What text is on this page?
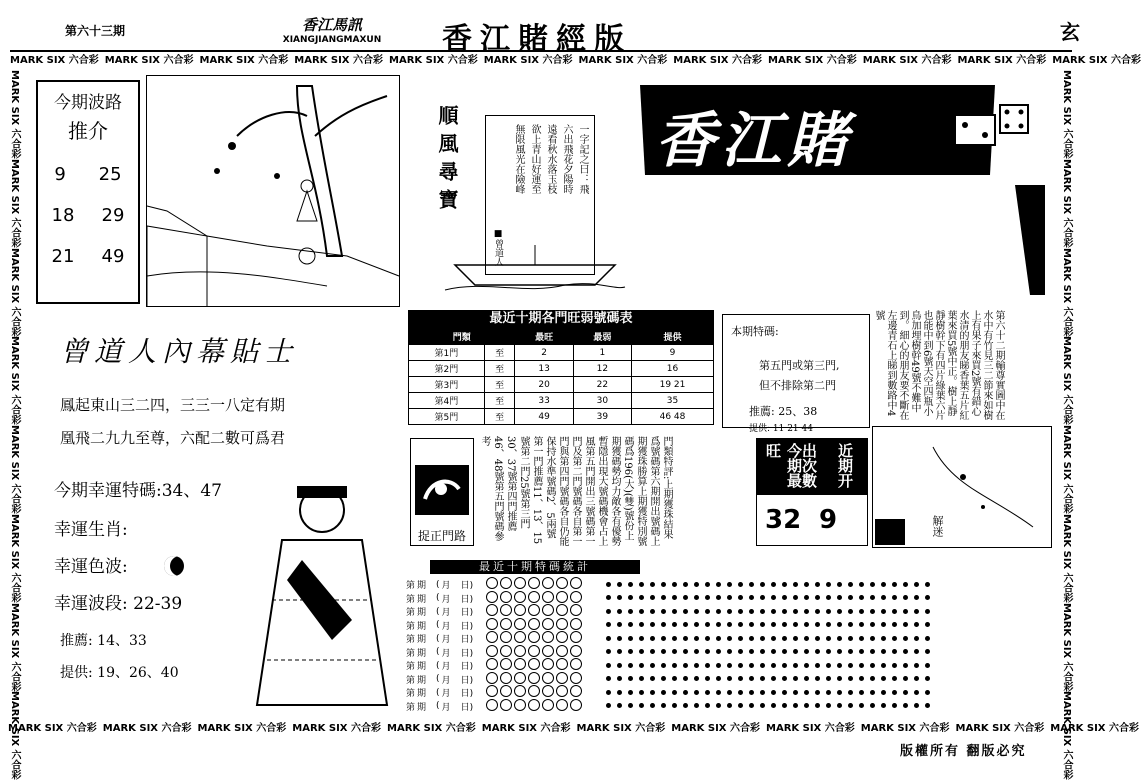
第六十三期	香江馬訊
XIANGJIANGMAXUN	香江賭經版	玄
MARK SIX 六合彩 MARK SIX 六合彩 MARK SIX 六合彩 MARK SIX 六合彩 MARK SIX 六合彩 MARK SIX 六合彩 MARK SIX 六合彩 MARK SIX 六合彩 MARK SIX 六合彩 MARK SIX 六合彩 MARK SIX 六合彩 MARK SIX 六合彩
MARK SIX 六合彩 MARK SIX 六合彩 MARK SIX 六合彩 MARK SIX 六合彩 MARK SIX 六合彩 MARK SIX 六合彩 MARK SIX 六合彩 MARK SIX 六合彩 MARK SIX 六合彩 MARK SIX 六合彩 MARK SIX 六合彩 MARK SIX 六合彩
MARK SIX 六合彩MARK SIX 六合彩MARK SIX 六合彩MARK SIX 六合彩MARK SIX 六合彩MARK SIX 六合彩MARK SIX 六合彩MARK SIX 六合彩
MARK SIX 六合彩MARK SIX 六合彩MARK SIX 六合彩MARK SIX 六合彩MARK SIX 六合彩MARK SIX 六合彩MARK SIX 六合彩MARK SIX 六合彩
今期波路
推介
9 25
18 29
21 49
順風尋寶	一字記之曰：飛
六出飛花夕陽時
遠看秋水落玉枝
欲上青山好運至
無限風光在險峰
■曾道人
香江賭
曾道人內幕貼士
鳳起東山三二四，三三一八定有期
凰飛二九九至尊，六配二數可爲君
今期幸運特碼:34、47
幸運生肖:
幸運色波:
幸運波段: 22-39
推薦: 14、33
提供: 19、26、40
最近十期各門旺弱號碼表
門類		最旺	最弱	提供
第1門	至	2	1	9
第2門	至	13	12	16
第3門	至	20	22	19 21
第4門	至	33	30	35
第5門	至	49	39	46 48
本期特碼:
第五門或第三門,
但不排除第二門
推薦: 25、38
提供: 11 21 44
第六十二期輸尊實圖中在水中有竹見三二節來如樹上有果子來買2號有錯心水清的朋友睇香葉五片紅葉來買5號中正。樹上靜靜樹幹下有四片綠葉六片也能中到6號天空四瓶小鳥加埋樹幹49號不難中到。細心的朋友要不斷在左邊青石上睇到數路中4號
捉正門路	門類特評:上期獲珠結果爲號碼第六期開出號碼上期獲珠勝算上期獲特別號碼爲196(大)(雙)號份上期獲碼勢均力敵各有優勢暫隱出現大號碼機會占上風第五門開出三號碼第一門及第二門號碼各自第一門與第四門號碼各自仍能保持水準號碼2、5兩號第一門推薦11、13、15號第二門25號第三門30、37號第四門推薦46、48號第五門號碼參考
今期最旺	出次數
近期开
32 9	解迷
最近十期特碼統計
第 期 ( 月 日)
第 期 ( 月 日)
第 期 ( 月 日)
第 期 ( 月 日)
第 期 ( 月 日)
第 期 ( 月 日)
第 期 ( 月 日)
第 期 ( 月 日)
第 期 ( 月 日)
第 期 ( 月 日)
版權所有 翻版必究
